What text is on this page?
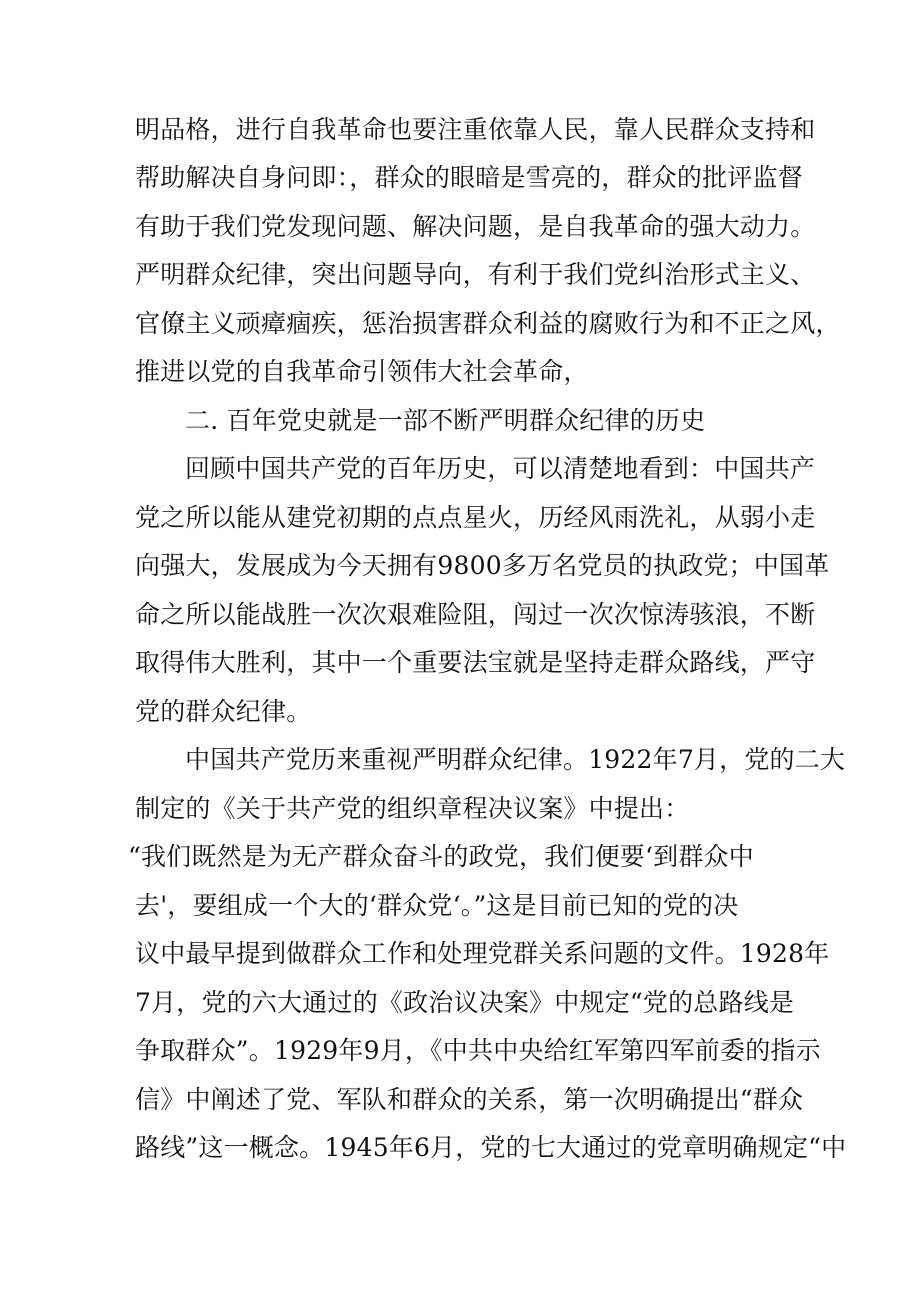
明品格，进行自我革命也要注重依靠人民，靠人民群众支持和
帮助解决自身问即：，群众的眼暗是雪亮的，群众的批评监督
有助于我们党发现问题、解决问题，是自我革命的强大动力。
严明群众纪律，突出问题导向，有利于我们党纠治形式主义、
官僚主义顽瘴痼疾，惩治损害群众利益的腐败行为和不正之风，
推进以党的自我革命引领伟大社会革命，
二. 百年党史就是一部不断严明群众纪律的历史
回顾中国共产党的百年历史，可以清楚地看到：中国共产
党之所以能从建党初期的点点星火，历经风雨洗礼，从弱小走
向强大，发展成为今天拥有9800多万名党员的执政党；中国革
命之所以能战胜一次次艰难险阻，闯过一次次惊涛骇浪，不断
取得伟大胜利，其中一个重要法宝就是坚持走群众路线，严守
党的群众纪律。
中国共产党历来重视严明群众纪律。1922年7月，党的二大
制定的《关于共产党的组织章程决议案》中提出：
“我们既然是为无产群众奋斗的政党，我们便要‘到群众中
去'，要组成一个大的‘群众党‘。”这是目前已知的党的决
议中最早提到做群众工作和处理党群关系问题的文件。1928年
7月，党的六大通过的《政治议决案》中规定“党的总路线是
争取群众”。1929年9月，《中共中央给红军第四军前委的指示
信》中阐述了党、军队和群众的关系，第一次明确提出“群众
路线”这一概念。1945年6月，党的七大通过的党章明确规定“中
